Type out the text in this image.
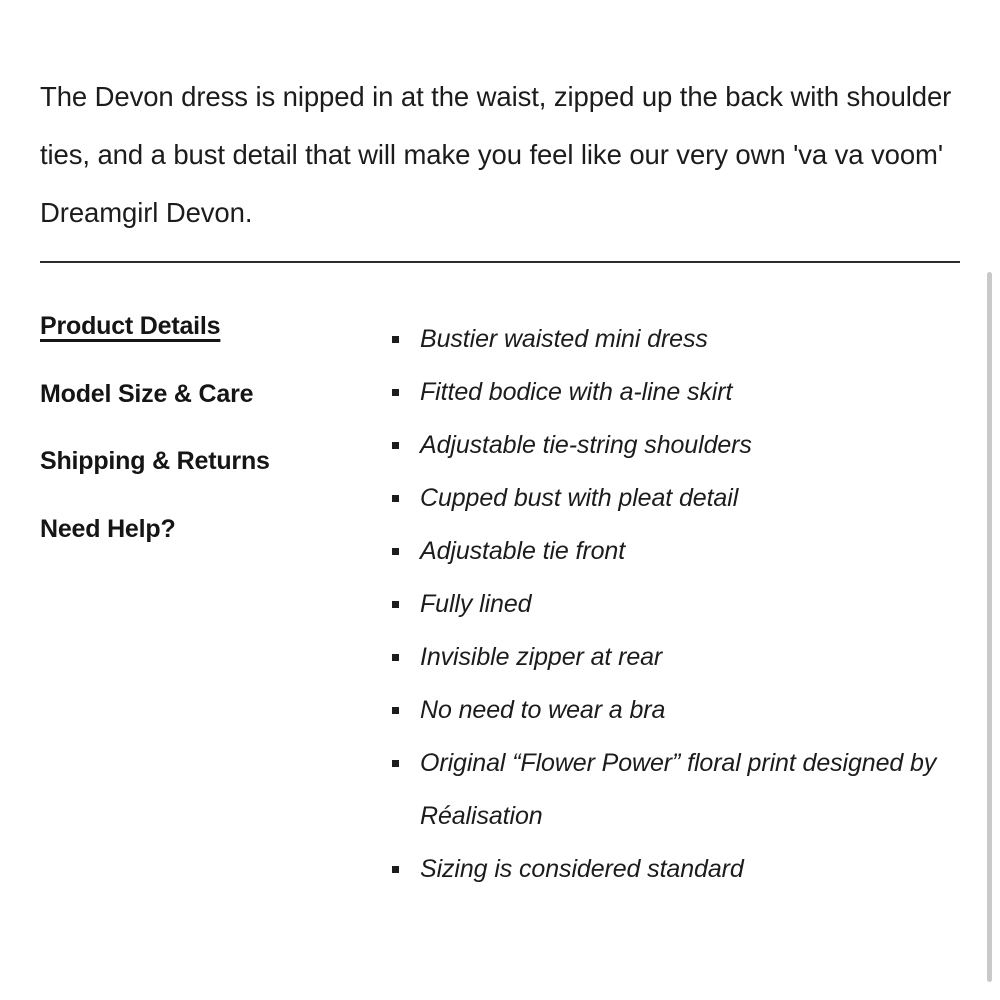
The Devon dress is nipped in at the waist, zipped up the back with shoulder ties, and a bust detail that will make you feel like our very own 'va va voom' Dreamgirl Devon.

Product Details
Model Size & Care
Shipping & Returns
Need Help?
Bustier waisted mini dress
Fitted bodice with a-line skirt
Adjustable tie-string shoulders
Cupped bust with pleat detail
Adjustable tie front
Fully lined
Invisible zipper at rear
No need to wear a bra
Original “Flower Power” floral print designed by Réalisation
Sizing is considered standard
